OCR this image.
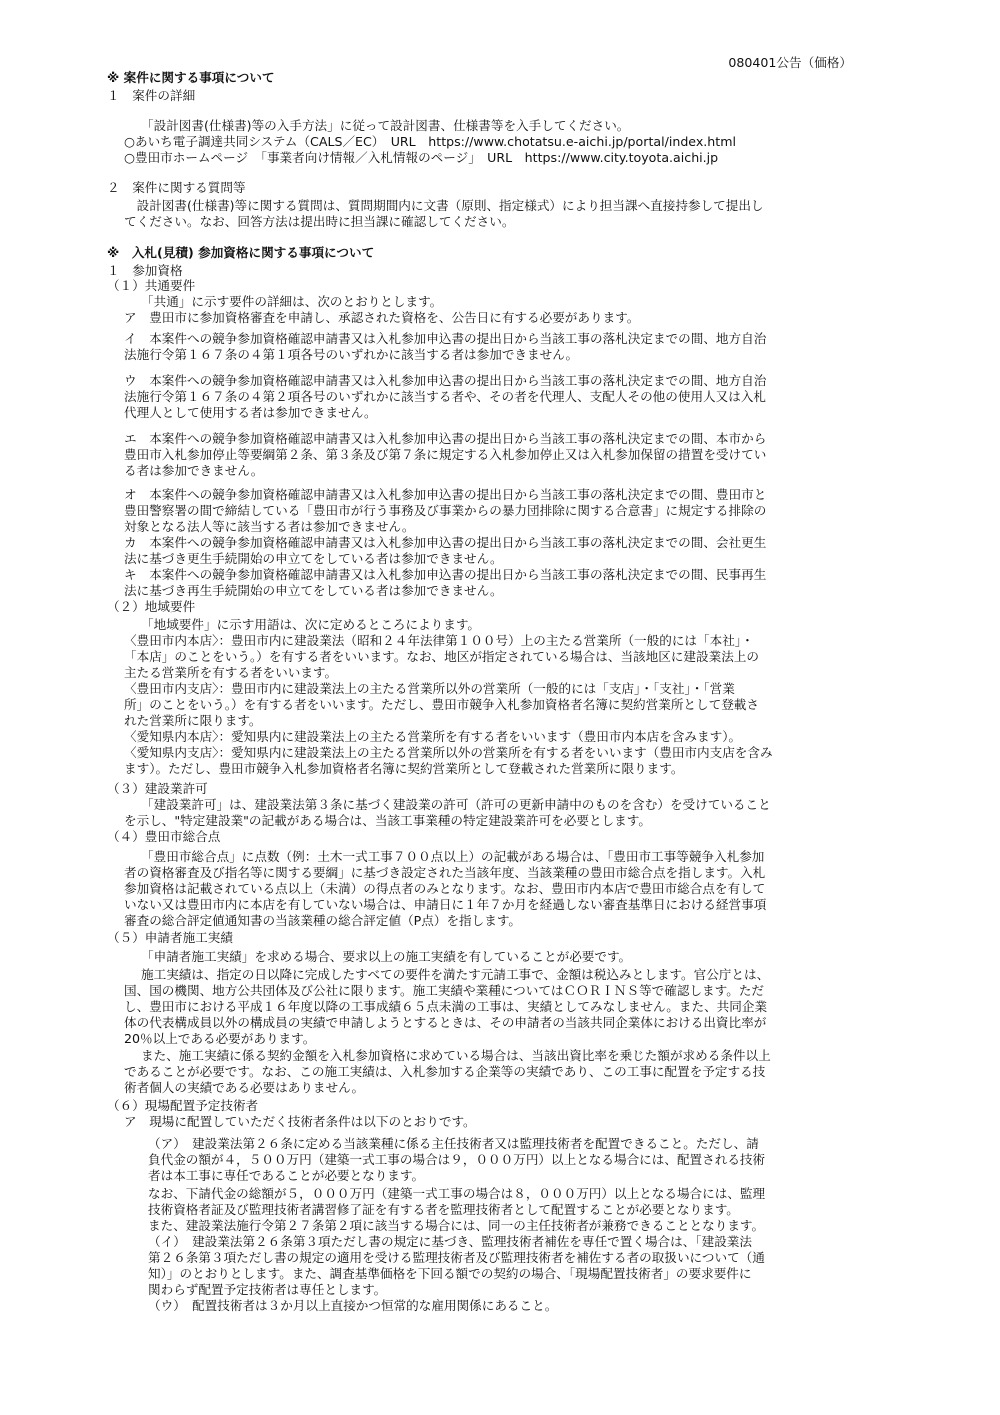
080401公告（価格）
※ 案件に関する事項について
１　案件の詳細
「設計図書(仕様書)等の入手方法」に従って設計図書、仕様書等を入手してください。
○あいち電子調達共同システム（CALS／EC）　URL　https://www.chotatsu.e-aichi.jp/portal/index.html
○豊田市ホームページ　「事業者向け情報／入札情報のページ」　URL　https://www.city.toyota.aichi.jp
２　案件に関する質問等
　設計図書(仕様書)等に関する質問は、質問期間内に文書（原則、指定様式）により担当課へ直接持参して提出し
てください。なお、回答方法は提出時に担当課に確認してください。
※　入札(見積) 参加資格に関する事項について
１　参加資格
（１）共通要件
「共通」に示す要件の詳細は、次のとおりとします。
ア　豊田市に参加資格審査を申請し、承認された資格を、公告日に有する必要があります。
イ　本案件への競争参加資格確認申請書又は入札参加申込書の提出日から当該工事の落札決定までの間、地方自治
法施行令第１６７条の４第１項各号のいずれかに該当する者は参加できません。
ウ　本案件への競争参加資格確認申請書又は入札参加申込書の提出日から当該工事の落札決定までの間、地方自治
法施行令第１６７条の４第２項各号のいずれかに該当する者や、その者を代理人、支配人その他の使用人又は入札
代理人として使用する者は参加できません。
エ　本案件への競争参加資格確認申請書又は入札参加申込書の提出日から当該工事の落札決定までの間、本市から
豊田市入札参加停止等要綱第２条、第３条及び第７条に規定する入札参加停止又は入札参加保留の措置を受けてい
る者は参加できません。
オ　本案件への競争参加資格確認申請書又は入札参加申込書の提出日から当該工事の落札決定までの間、豊田市と
豊田警察署の間で締結している「豊田市が行う事務及び事業からの暴力団排除に関する合意書」に規定する排除の
対象となる法人等に該当する者は参加できません。
カ　本案件への競争参加資格確認申請書又は入札参加申込書の提出日から当該工事の落札決定までの間、会社更生
法に基づき更生手続開始の申立てをしている者は参加できません。
キ　本案件への競争参加資格確認申請書又は入札参加申込書の提出日から当該工事の落札決定までの間、民事再生
法に基づき再生手続開始の申立てをしている者は参加できません。
（２）地域要件
「地域要件」に示す用語は、次に定めるところによります。
〈豊田市内本店〉：豊田市内に建設業法（昭和２４年法律第１００号）上の主たる営業所（一般的には「本社」・
「本店」のことをいう。）を有する者をいいます。なお、地区が指定されている場合は、当該地区に建設業法上の
主たる営業所を有する者をいいます。
〈豊田市内支店〉：豊田市内に建設業法上の主たる営業所以外の営業所（一般的には「支店」・「支社」・「営業
所」のことをいう。）を有する者をいいます。ただし、豊田市競争入札参加資格者名簿に契約営業所として登載さ
れた営業所に限ります。
〈愛知県内本店〉：愛知県内に建設業法上の主たる営業所を有する者をいいます（豊田市内本店を含みます）。
〈愛知県内支店〉：愛知県内に建設業法上の主たる営業所以外の営業所を有する者をいいます（豊田市内支店を含み
ます）。ただし、豊田市競争入札参加資格者名簿に契約営業所として登載された営業所に限ります。
（３）建設業許可
「建設業許可」は、建設業法第３条に基づく建設業の許可（許可の更新申請中のものを含む）を受けていること
を示し、"特定建設業"の記載がある場合は、当該工事業種の特定建設業許可を必要とします。
（４）豊田市総合点
「豊田市総合点」に点数（例：土木一式工事７００点以上）の記載がある場合は、「豊田市工事等競争入札参加
者の資格審査及び指名等に関する要綱」に基づき設定された当該年度、当該業種の豊田市総合点を指します。入札
参加資格は記載されている点以上（未満）の得点者のみとなります。なお、豊田市内本店で豊田市総合点を有して
いない又は豊田市内に本店を有していない場合は、申請日に１年７か月を経過しない審査基準日における経営事項
審査の総合評定値通知書の当該業種の総合評定値（P点）を指します。
（５）申請者施工実績
「申請者施工実績」を求める場合、要求以上の施工実績を有していることが必要です。
施工実績は、指定の日以降に完成したすべての要件を満たす元請工事で、金額は税込みとします。官公庁とは、
国、国の機関、地方公共団体及び公社に限ります。施工実績や業種についてはＣＯＲＩＮＳ等で確認します。ただ
し、豊田市における平成１６年度以降の工事成績６５点未満の工事は、実績としてみなしません。また、共同企業
体の代表構成員以外の構成員の実績で申請しようとするときは、その申請者の当該共同企業体における出資比率が
20％以上である必要があります。
また、施工実績に係る契約金額を入札参加資格に求めている場合は、当該出資比率を乗じた額が求める条件以上
であることが必要です。なお、この施工実績は、入札参加する企業等の実績であり、この工事に配置を予定する技
術者個人の実績である必要はありません。
（６）現場配置予定技術者
ア　現場に配置していただく技術者条件は以下のとおりです。
（ア）　建設業法第２６条に定める当該業種に係る主任技術者又は監理技術者を配置できること。ただし、請
負代金の額が４，５００万円（建築一式工事の場合は９，０００万円）以上となる場合には、配置される技術
者は本工事に専任であることが必要となります。
なお、下請代金の総額が５，０００万円（建築一式工事の場合は８，０００万円）以上となる場合には、監理
技術資格者証及び監理技術者講習修了証を有する者を監理技術者として配置することが必要となります。
また、建設業法施行令第２７条第２項に該当する場合には、同一の主任技術者が兼務できることとなります。
（イ）　建設業法第２６条第３項ただし書の規定に基づき、監理技術者補佐を専任で置く場合は、「建設業法
第２６条第３項ただし書の規定の適用を受ける監理技術者及び監理技術者を補佐する者の取扱いについて（通
知）」のとおりとします。また、調査基準価格を下回る額での契約の場合、「現場配置技術者」の要求要件に
関わらず配置予定技術者は専任とします。
（ウ）　配置技術者は３か月以上直接かつ恒常的な雇用関係にあること。
